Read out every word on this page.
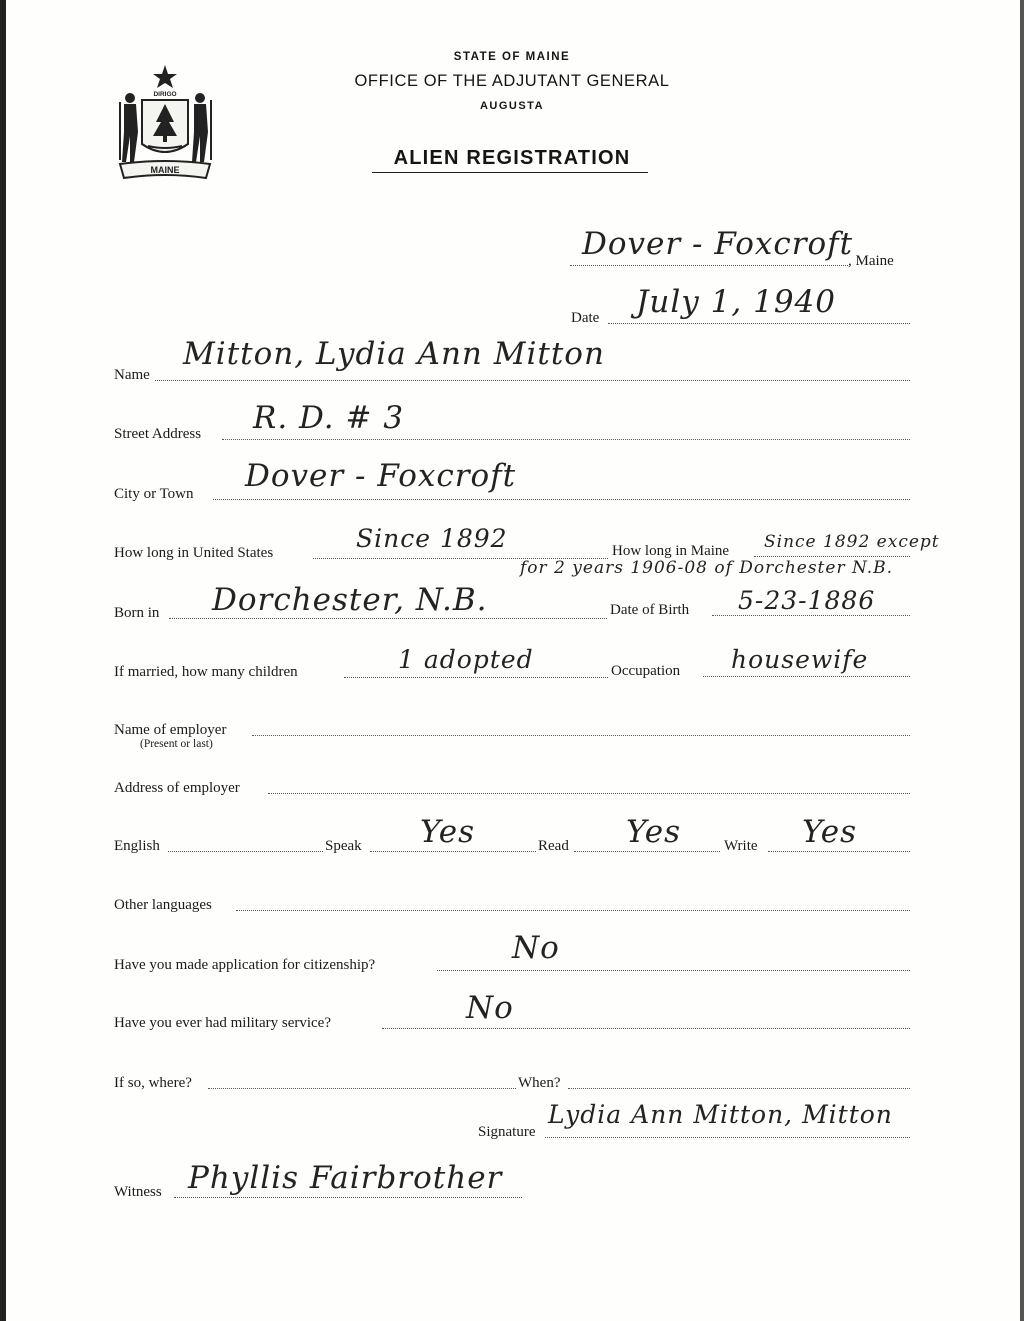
DIRIGO
MAINE
STATE OF MAINE
OFFICE OF THE ADJUTANT GENERAL
AUGUSTA
ALIEN REGISTRATION
Dover - Foxcroft
, Maine
Date July 1, 1940
Name
Mitton, Lydia Ann Mitton
Street Address R. D. # 3
City or Town Dover - Foxcroft
How long in United States	Since 1892	How long in Maine Since 1892 except
for 2 years 1906-08 of Dorchester N.B.
Born in Dorchester, N.B.	Date of Birth 5-23-1886
If married, how many children	1 adopted	Occupation housewife
Name of employer
(Present or last)
Address of employer
English	Speak Yes	Read Yes	Write Yes
Other languages
Have you made application for citizenship?	No
Have you ever had military service?	No
If so, where?	When?
Signature
Lydia Ann Mitton, Mitton
Witness Phyllis Fairbrother
